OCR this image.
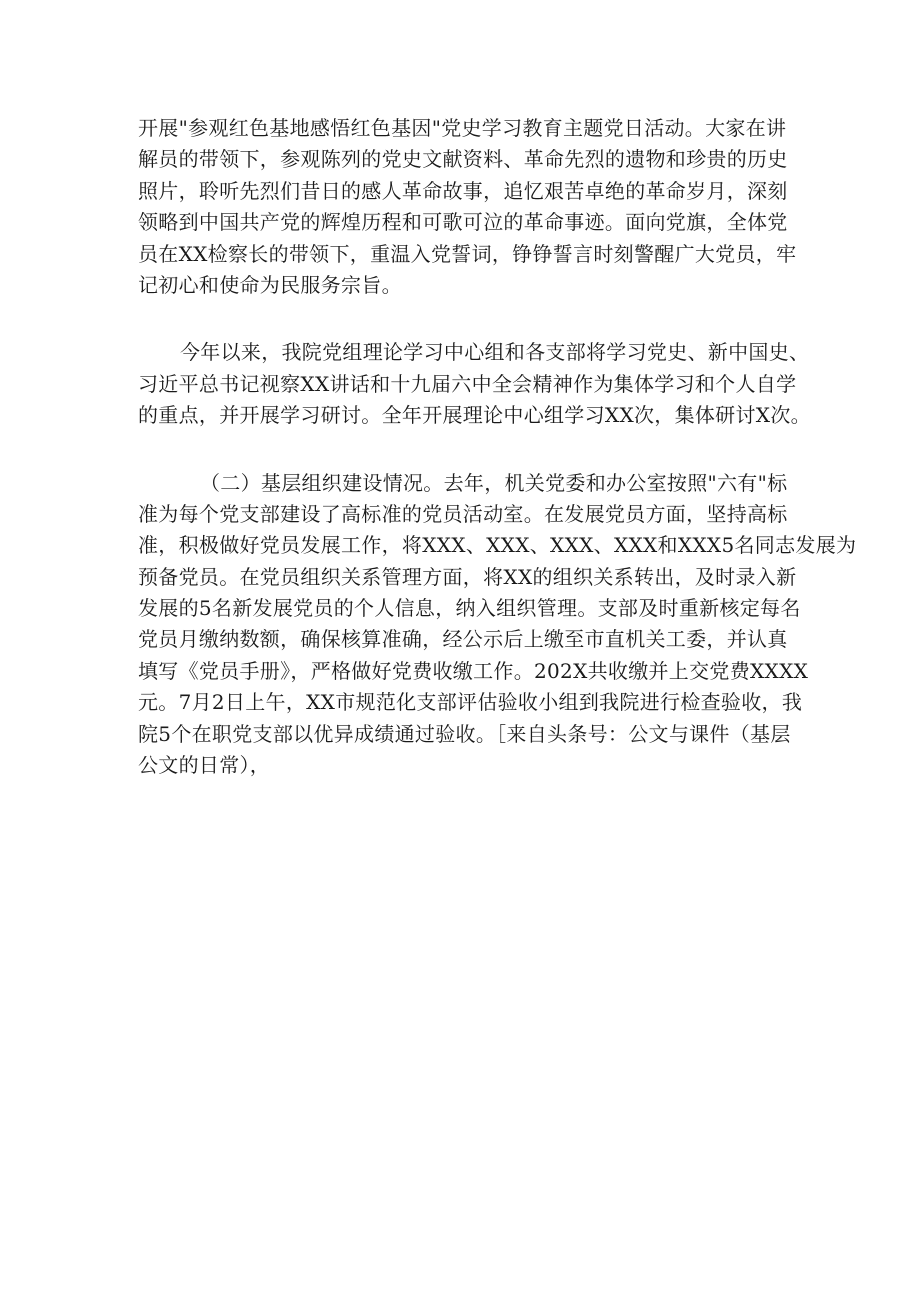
开展"参观红色基地感悟红色基因"党史学习教育主题党日活动。大家在讲
解员的带领下，参观陈列的党史文献资料、革命先烈的遗物和珍贵的历史
照片，聆听先烈们昔日的感人革命故事，追忆艰苦卓绝的革命岁月，深刻
领略到中国共产党的辉煌历程和可歌可泣的革命事迹。面向党旗，全体党
员在XX检察长的带领下，重温入党誓词，铮铮誓言时刻警醒广大党员，牢
记初心和使命为民服务宗旨。
今年以来，我院党组理论学习中心组和各支部将学习党史、新中国史、
习近平总书记视察XX讲话和十九届六中全会精神作为集体学习和个人自学
的重点，并开展学习研讨。全年开展理论中心组学习XX次，集体研讨X次。
（二）基层组织建设情况。去年，机关党委和办公室按照"六有"标
准为每个党支部建设了高标准的党员活动室。在发展党员方面，坚持高标
准，积极做好党员发展工作，将XXX、XXX、XXX、XXX和XXX5名同志发展为
预备党员。在党员组织关系管理方面，将XX的组织关系转出，及时录入新
发展的5名新发展党员的个人信息，纳入组织管理。支部及时重新核定每名
党员月缴纳数额，确保核算准确，经公示后上缴至市直机关工委，并认真
填写《党员手册》，严格做好党费收缴工作。202X共收缴并上交党费XXXX
元。7月2日上午，XX市规范化支部评估验收小组到我院进行检查验收，我
院5个在职党支部以优异成绩通过验收。［来自头条号：公文与课件（基层
公文的日常），
